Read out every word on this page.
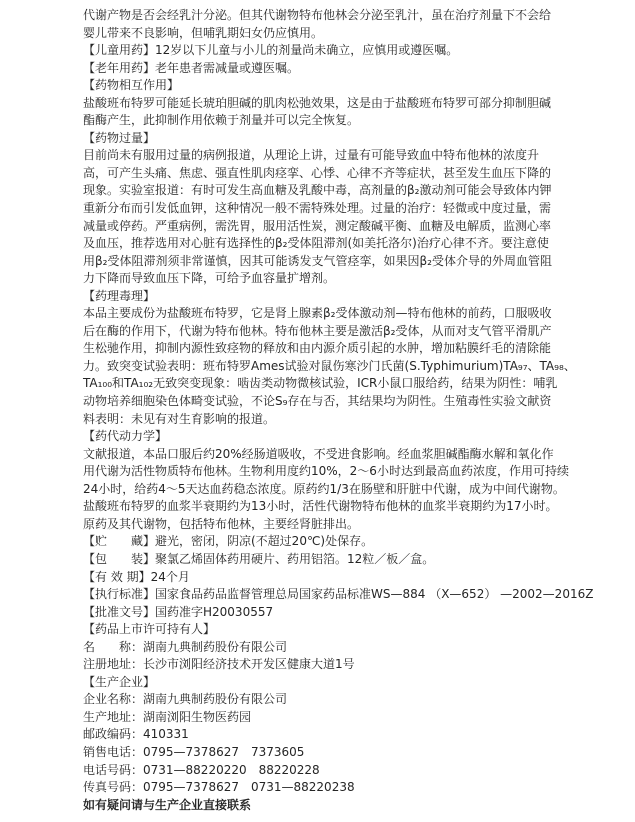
代谢产物是否会经乳汁分泌。但其代谢物特布他林会分泌至乳汁，虽在治疗剂量下不会给
婴儿带来不良影响，但哺乳期妇女仍应慎用。
【儿童用药】12岁以下儿童与小儿的剂量尚未确立，应慎用或遵医嘱。
【老年用药】老年患者需减量或遵医嘱。
【药物相互作用】
盐酸班布特罗可能延长琥珀胆碱的肌肉松弛效果，这是由于盐酸班布特罗可部分抑制胆碱
酯酶产生，此抑制作用依赖于剂量并可以完全恢复。
【药物过量】
目前尚未有服用过量的病例报道，从理论上讲，过量有可能导致血中特布他林的浓度升
高，可产生头痛、焦虑、强直性肌肉痉挛、心悸、心律不齐等症状，甚至发生血压下降的
现象。实验室报道：有时可发生高血糖及乳酸中毒，高剂量的β₂激动剂可能会导致体内钾
重新分布而引发低血钾，这种情况一般不需特殊处理。过量的治疗：轻微或中度过量，需
减量或停药。严重病例，需洗胃，服用活性炭，测定酸碱平衡、血糖及电解质，监测心率
及血压，推荐选用对心脏有选择性的β₂受体阻滞剂(如美托洛尔)治疗心律不齐。要注意使
用β₂受体阻滞剂须非常谨慎，因其可能诱发支气管痉挛，如果因β₂受体介导的外周血管阻
力下降而导致血压下降，可给予血容量扩增剂。
【药理毒理】
本品主要成份为盐酸班布特罗，它是肾上腺素β₂受体激动剂—特布他林的前药，口服吸收
后在酶的作用下，代谢为特布他林。特布他林主要是激活β₂受体，从而对支气管平滑肌产
生松驰作用，抑制内源性致痉物的释放和由内源介质引起的水肿，增加粘膜纤毛的清除能
力。致突变试验表明：班布特罗Ames试验对鼠伤寒沙门氏菌(S.Typhimurium)TA₉₇、TA₉₈、
TA₁₀₀和TA₁₀₂无致突变现象：啮齿类动物微核试验，ICR小鼠口服给药，结果为阴性：哺乳
动物培养细胞染色体畸变试验，不论S₉存在与否，其结果均为阴性。生殖毒性实验文献资
料表明：未见有对生育影响的报道。
【药代动力学】
文献报道，本品口服后约20%经肠道吸收，不受进食影响。经血浆胆碱酯酶水解和氧化作
用代谢为活性物质特布他林。生物利用度约10%，2～6小时达到最高血药浓度，作用可持续
24小时，给药4～5天达血药稳态浓度。原药约1/3在肠壁和肝脏中代谢，成为中间代谢物。
盐酸班布特罗的血浆半衰期约为13小时，活性代谢物特布他林的血浆半衰期约为17小时。
原药及其代谢物，包括特布他林，主要经肾脏排出。
【贮　　藏】避光，密闭，阴凉(不超过20℃)处保存。
【包　　装】聚氯乙烯固体药用硬片、药用铝箔。12粒／板／盒。
【有 效 期】24个月
【执行标准】国家食品药品监督管理总局国家药品标准WS—884 （X—652） —2002—2016Z
【批准文号】国药准字H20030557
【药品上市许可持有人】
名　　称：湖南九典制药股份有限公司
注册地址：长沙市浏阳经济技术开发区健康大道1号
【生产企业】
企业名称：湖南九典制药股份有限公司
生产地址：湖南浏阳生物医药园
邮政编码：410331
销售电话：0795—7378627　7373605
电话号码：0731—88220220　88220228
传真号码：0795—7378627　0731—88220238
如有疑问请与生产企业直接联系
